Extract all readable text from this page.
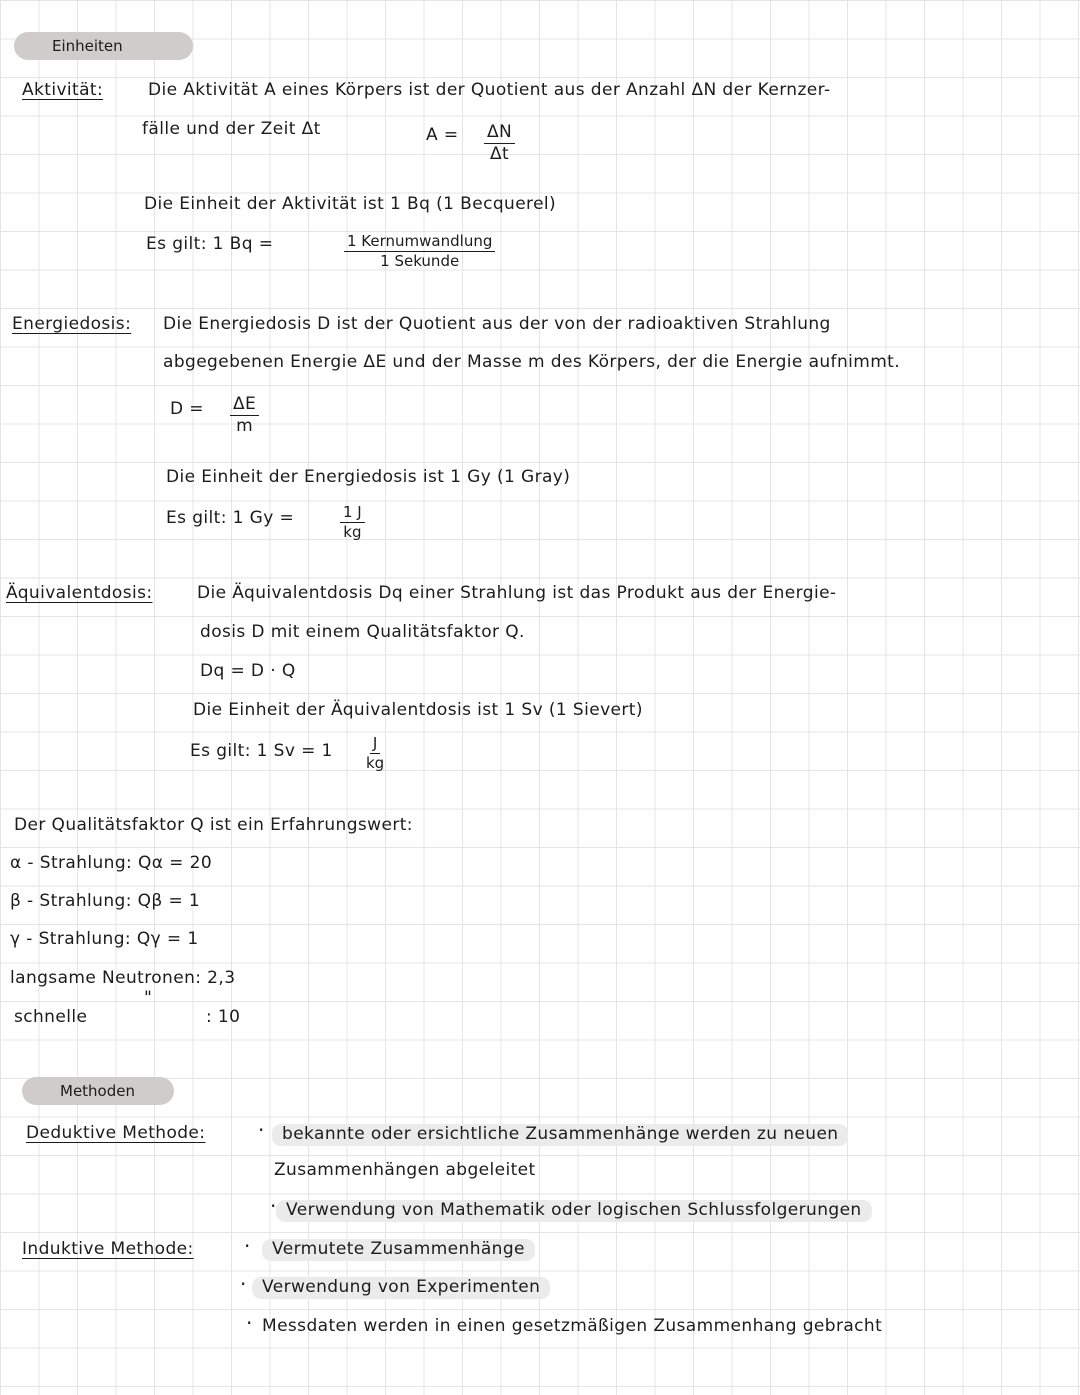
Einheiten
Aktivität:	Die Aktivität A eines Körpers ist der Quotient aus der Anzahl ΔN der Kernzer-
fälle und der Zeit Δt	$A = \frac{\Delta N}{\Delta t}$
Die Einheit der Aktivität ist 1 Bq (1 Becquerel)
Es gilt: 1 Bq =	1 Kernumwandlung
1 Sekunde
Energiedosis: Die Energiedosis D ist der Quotient aus der von der radioaktiven Strahlung
abgegebenen Energie ΔE und der Masse m des Körpers, der die Energie aufnimmt.
$D = \frac{\Delta E}{m}$
Die Einheit der Energiedosis ist 1 Gy (1 Gray)
Es gilt: 1 Gy =	$\frac{1 J}{kg}$
Äquivalentdosis:	Die Äquivalentdosis Dq einer Strahlung ist das Produkt aus der Energie-
dosis D mit einem Qualitätsfaktor Q.
Dq = D · Q
Die Einheit der Äquivalentdosis ist 1 Sv (1 Sievert)
Es gilt: 1 $Sv = 1 \frac{J}{kg}$
Der Qualitätsfaktor Q ist ein Erfahrungswert:
α - Strahlung: Qα = 20
β - Strahlung: Qβ = 1
γ - Strahlung: Qγ = 1
langsame Neutronen: 2,3
schnelle
"
: 10
Methoden
Deduktive Methode:	·	bekannte oder ersichtliche Zusammenhänge werden zu neuen
Zusammenhängen abgeleitet
· Verwendung von Mathematik oder logischen Schlussfolgerungen
Induktive Methode:	·	Vermutete Zusammenhänge
· Verwendung von Experimenten
· Messdaten werden in einen gesetzmäßigen Zusammenhang gebracht
